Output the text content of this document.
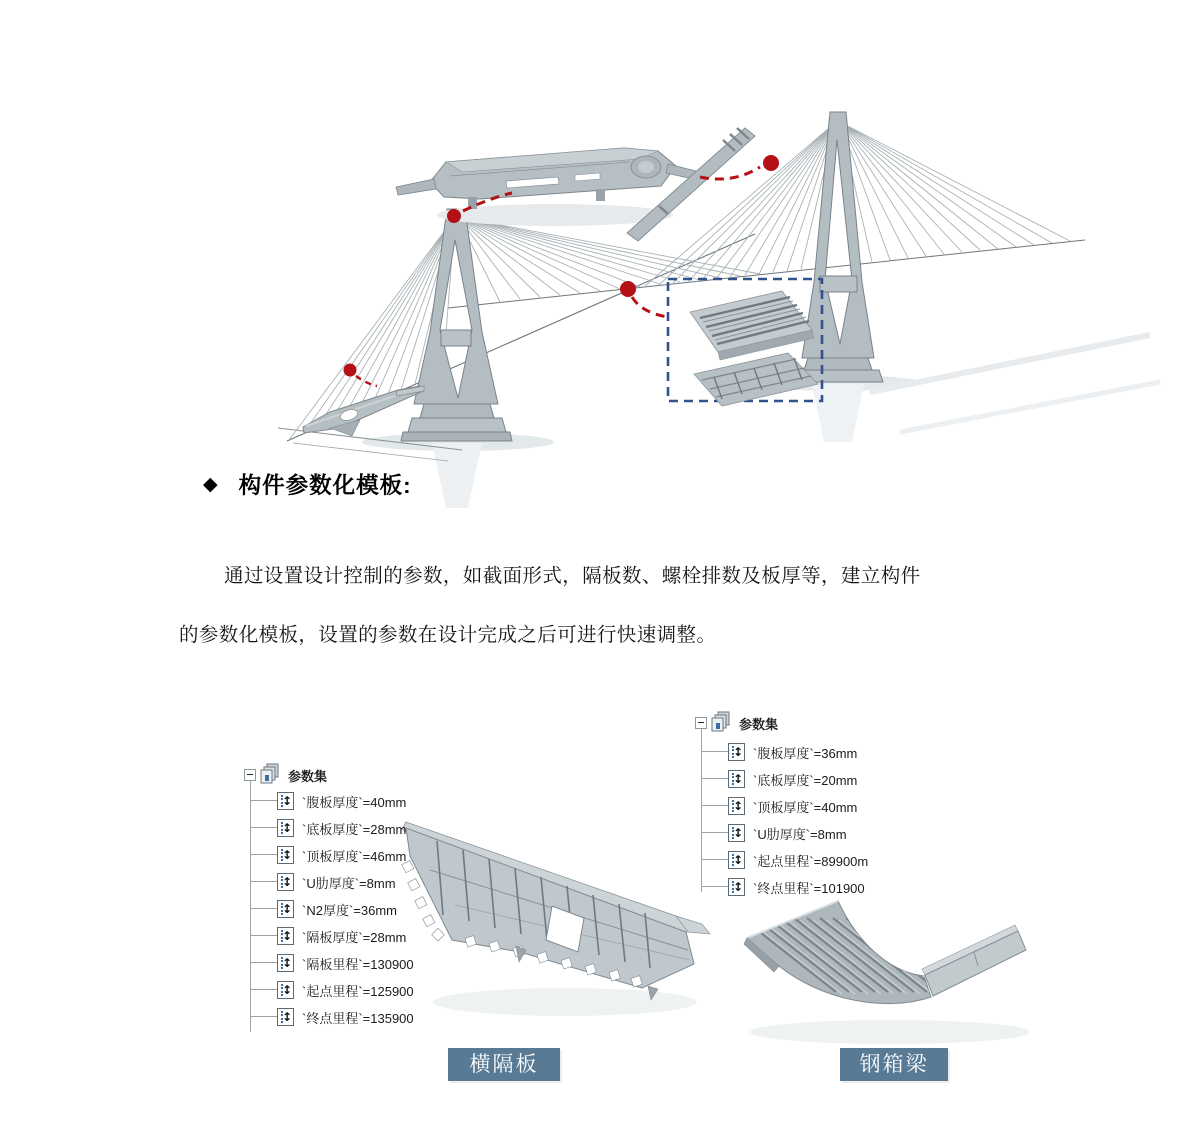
◆ 构件参数化模板:
通过设置设计控制的参数，如截面形式，隔板数、螺栓排数及板厚等，建立构件
的参数化模板，设置的参数在设计完成之后可进行快速调整。
参数集
↕ `腹板厚度`=40mm
↕ `底板厚度`=28mm
↕ `顶板厚度`=46mm
↕ `U肋厚度`=8mm
↕ `N2厚度`=36mm
↕ `隔板厚度`=28mm
↕ `隔板里程`=130900
↕ `起点里程`=125900
↕ `终点里程`=135900
参数集
↕ `腹板厚度`=36mm
↕ `底板厚度`=20mm
↕ `顶板厚度`=40mm
↕ `U肋厚度`=8mm
↕ `起点里程`=89900m
↕ `终点里程`=101900
横隔板	钢箱梁
